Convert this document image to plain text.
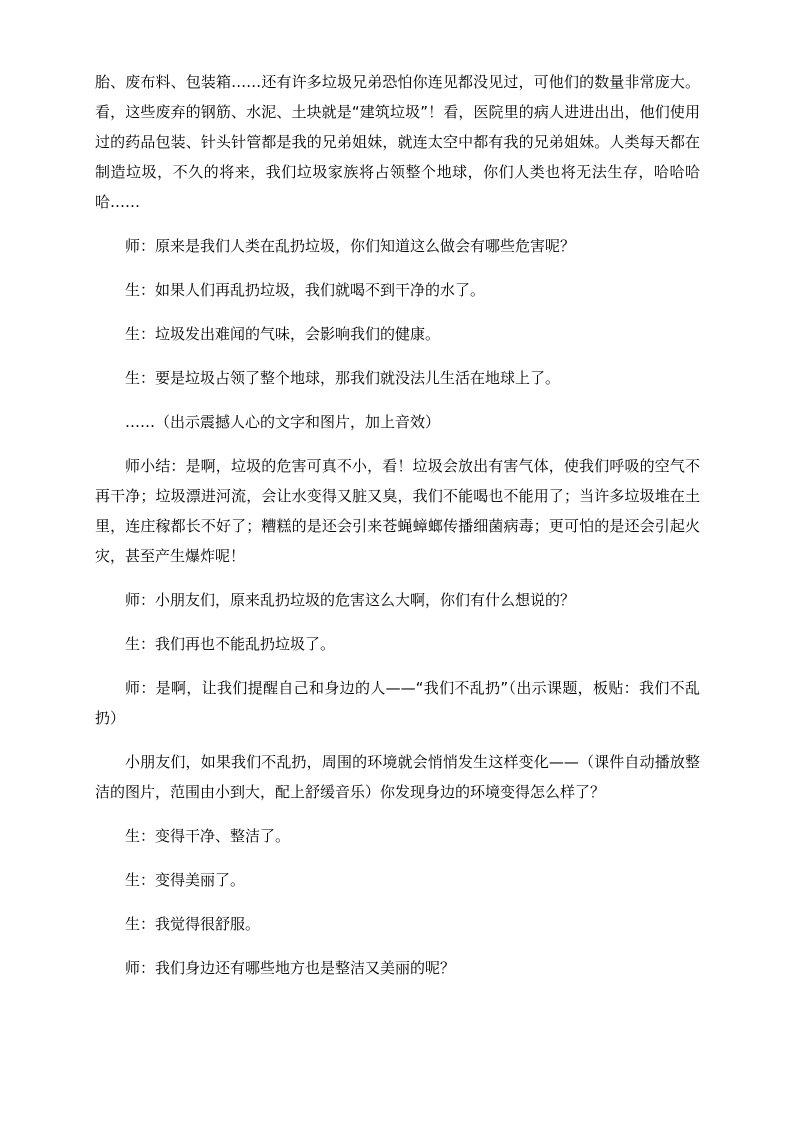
胎、废布料、包装箱……还有许多垃圾兄弟恐怕你连见都没见过，可他们的数量非常庞大。看，这些废弃的钢筋、水泥、土块就是“建筑垃圾”！看，医院里的病人进进出出，他们使用过的药品包装、针头针管都是我的兄弟姐妹，就连太空中都有我的兄弟姐妹。人类每天都在制造垃圾，不久的将来，我们垃圾家族将占领整个地球，你们人类也将无法生存，哈哈哈哈……

师：原来是我们人类在乱扔垃圾，你们知道这么做会有哪些危害呢？

生：如果人们再乱扔垃圾，我们就喝不到干净的水了。

生：垃圾发出难闻的气味，会影响我们的健康。

生：要是垃圾占领了整个地球，那我们就没法儿生活在地球上了。

……（出示震撼人心的文字和图片，加上音效）

师小结：是啊，垃圾的危害可真不小，看！垃圾会放出有害气体，使我们呼吸的空气不再干净；垃圾漂进河流，会让水变得又脏又臭，我们不能喝也不能用了；当许多垃圾堆在土里，连庄稼都长不好了；糟糕的是还会引来苍蝇蟑螂传播细菌病毒；更可怕的是还会引起火灾，甚至产生爆炸呢！

师：小朋友们，原来乱扔垃圾的危害这么大啊，你们有什么想说的？

生：我们再也不能乱扔垃圾了。

师：是啊，让我们提醒自己和身边的人——“我们不乱扔”（出示课题，板贴：我们不乱扔）

小朋友们，如果我们不乱扔，周围的环境就会悄悄发生这样变化——（课件自动播放整洁的图片，范围由小到大，配上舒缓音乐）你发现身边的环境变得怎么样了？

生：变得干净、整洁了。

生：变得美丽了。

生：我觉得很舒服。

师：我们身边还有哪些地方也是整洁又美丽的呢？
